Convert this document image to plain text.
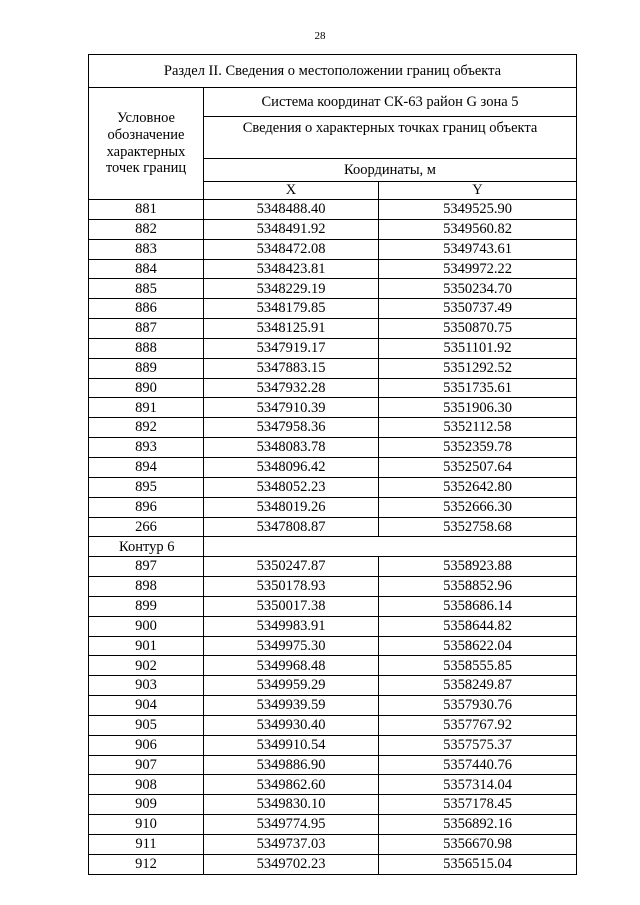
28
Раздел II. Сведения о местоположении границ объекта		
Условное обозначение характерных точек границ	Система координат СК-63 район G зона 5	
	Сведения о характерных точках границ объекта	
	Координаты, м	
	X	Y
881	5348488.40	5349525.90
882	5348491.92	5349560.82
883	5348472.08	5349743.61
884	5348423.81	5349972.22
885	5348229.19	5350234.70
886	5348179.85	5350737.49
887	5348125.91	5350870.75
888	5347919.17	5351101.92
889	5347883.15	5351292.52
890	5347932.28	5351735.61
891	5347910.39	5351906.30
892	5347958.36	5352112.58
893	5348083.78	5352359.78
894	5348096.42	5352507.64
895	5348052.23	5352642.80
896	5348019.26	5352666.30
266	5347808.87	5352758.68
Контур 6		
897	5350247.87	5358923.88
898	5350178.93	5358852.96
899	5350017.38	5358686.14
900	5349983.91	5358644.82
901	5349975.30	5358622.04
902	5349968.48	5358555.85
903	5349959.29	5358249.87
904	5349939.59	5357930.76
905	5349930.40	5357767.92
906	5349910.54	5357575.37
907	5349886.90	5357440.76
908	5349862.60	5357314.04
909	5349830.10	5357178.45
910	5349774.95	5356892.16
911	5349737.03	5356670.98
912	5349702.23	5356515.04
